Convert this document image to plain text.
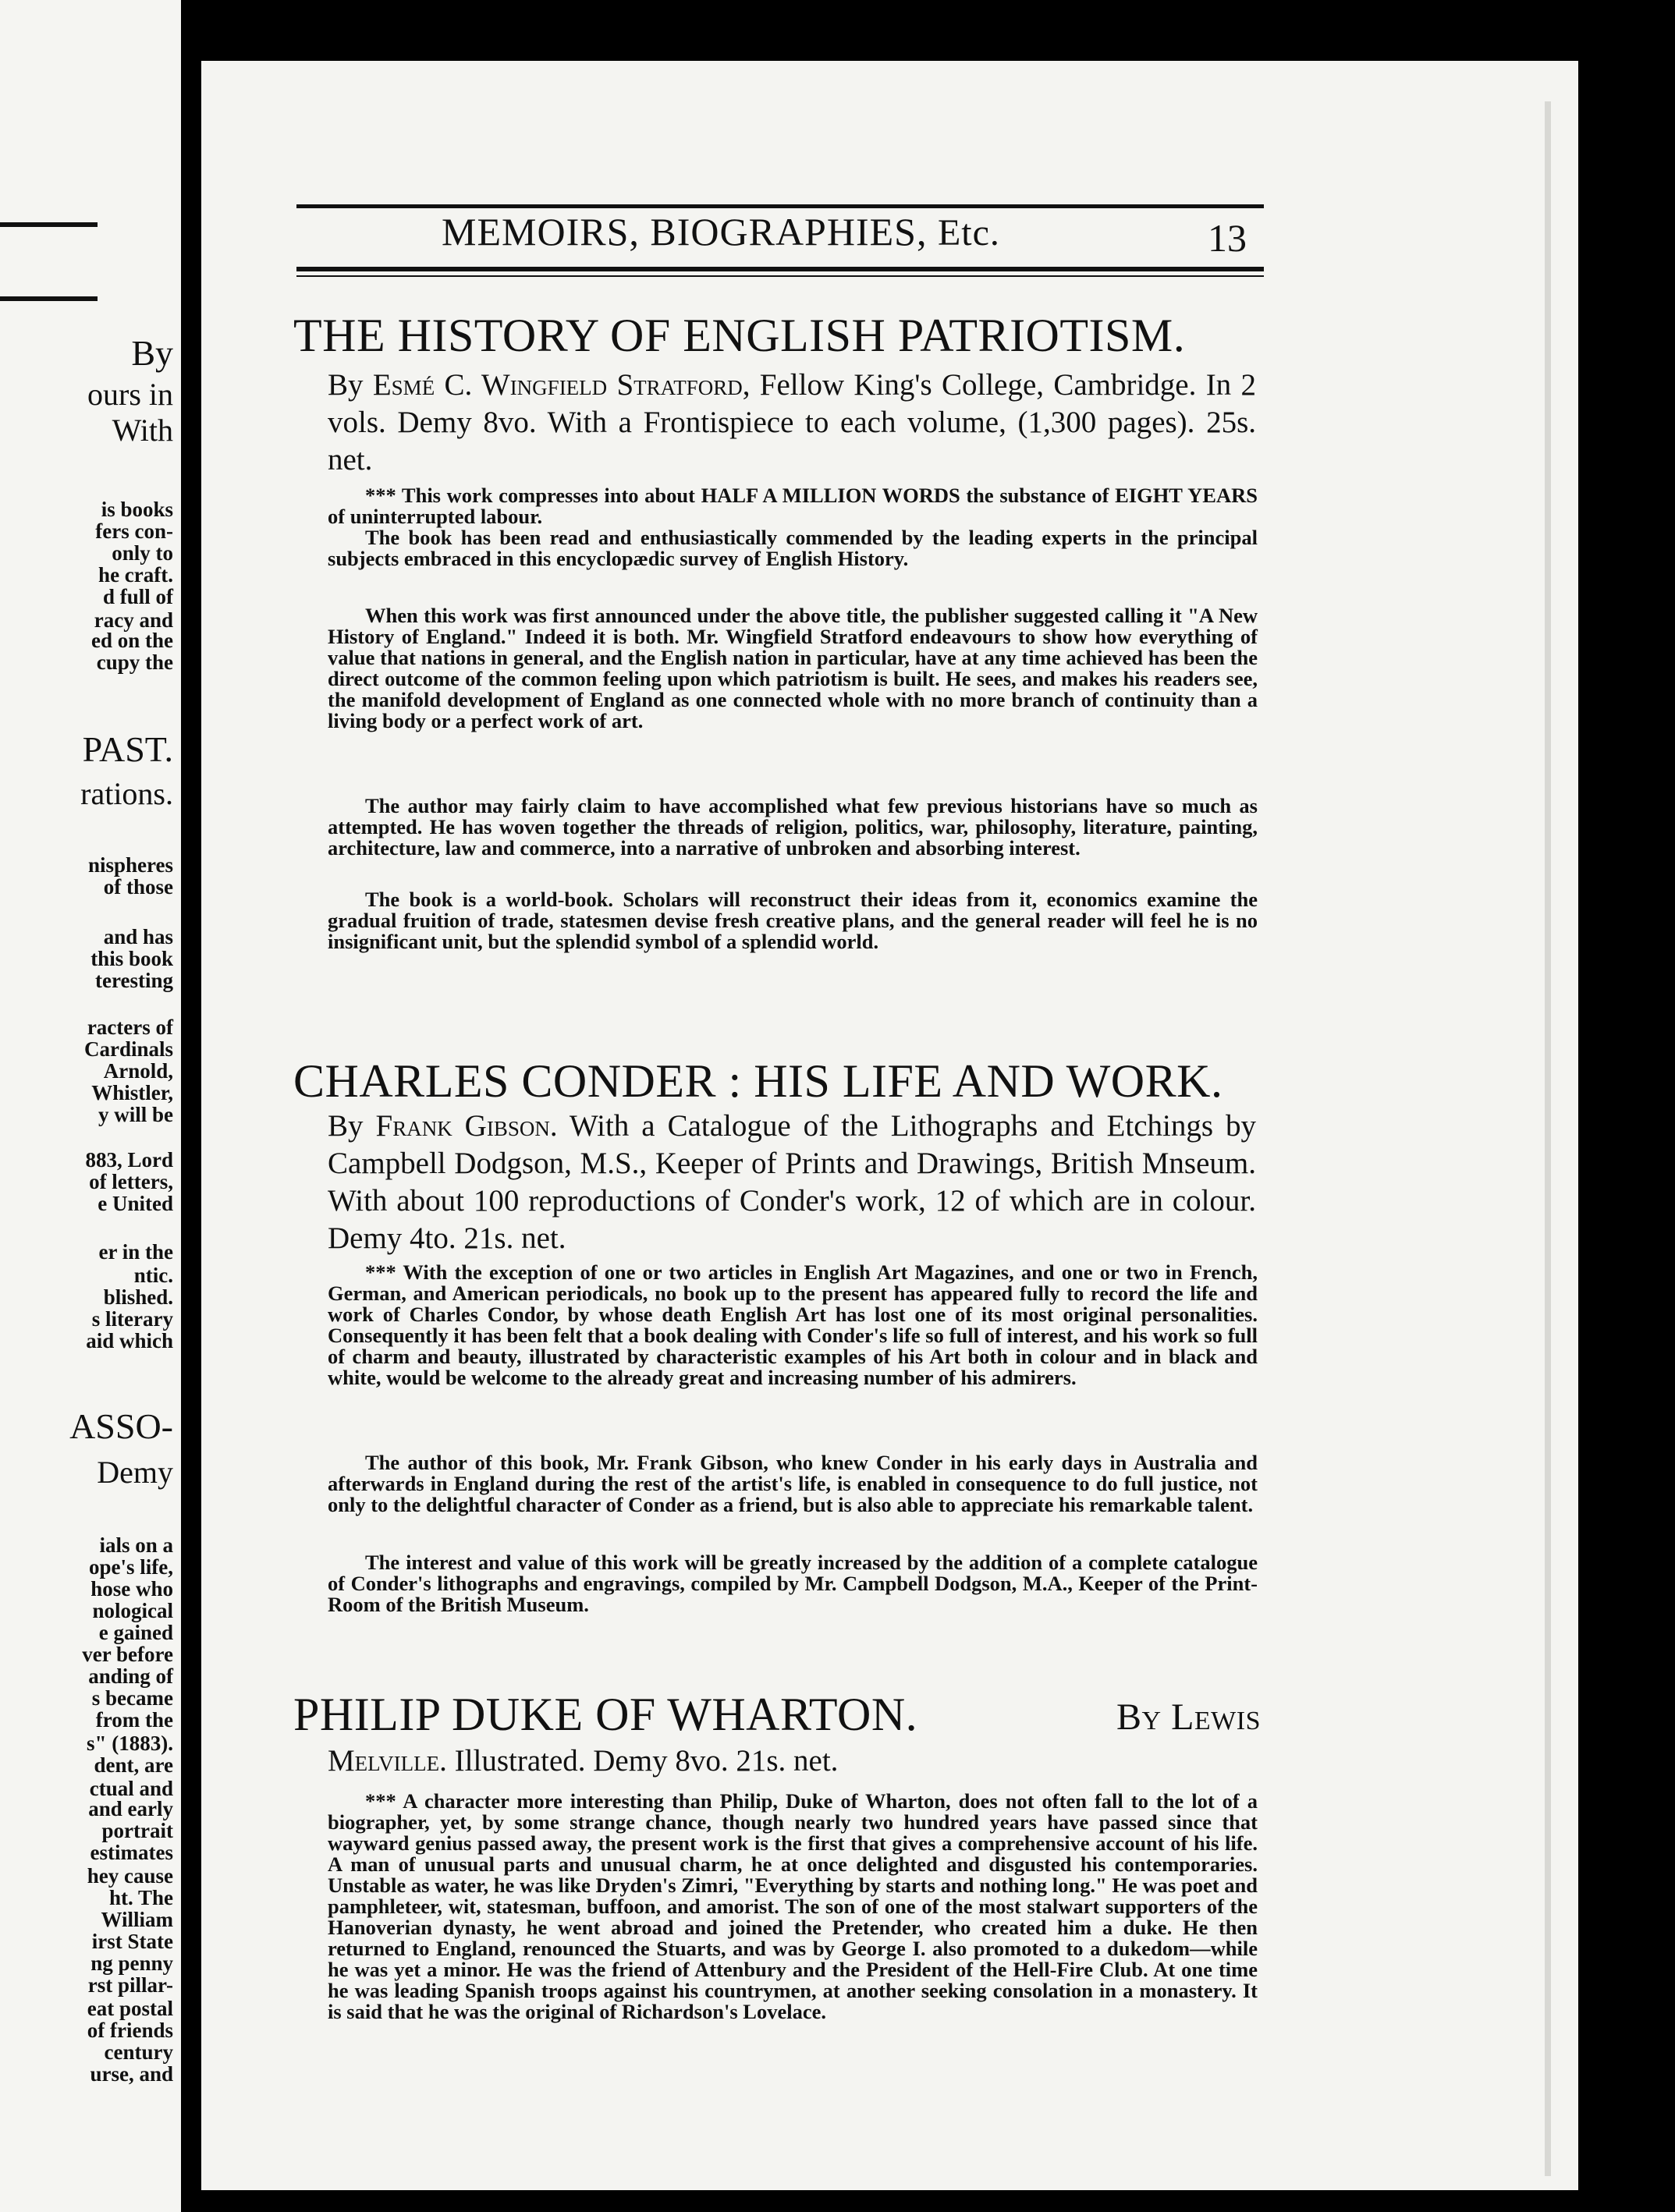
By
ours in
With
is books
fers con-
only to
he craft.
d full of
racy and
ed on the
cupy the
PAST.
rations.
nispheres
of those
and has
this book
teresting
racters of
Cardinals
Arnold,
Whistler,
y will be
883, Lord
of letters,
e United
er in the
ntic.
blished.
s literary
aid which
ASSO-
Demy
ials on a
ope's life,
hose who
nological
e gained
ver before
anding of
s became
from the
s" (1883).
dent, are
ctual and
and early
portrait
estimates
hey cause
ht. The
William
irst State
ng penny
rst pillar-
eat postal
of friends
century
urse, and
MEMOIRS, BIOGRAPHIES, Etc.	13
THE HISTORY OF ENGLISH PATRIOTISM.
By Esmé C. Wingfield Stratford, Fellow King's College, Cambridge. In 2 vols. Demy 8vo. With a Frontispiece to each volume, (1,300 pages). 25s. net.
*** This work compresses into about HALF A MILLION WORDS the substance of EIGHT YEARS of uninterrupted labour.
The book has been read and enthusiastically commended by the leading experts in the principal subjects embraced in this encyclopædic survey of English History.
When this work was first announced under the above title, the publisher suggested calling it "A New History of England." Indeed it is both. Mr. Wingfield Stratford endeavours to show how everything of value that nations in general, and the English nation in particular, have at any time achieved has been the direct outcome of the common feeling upon which patriotism is built. He sees, and makes his readers see, the manifold development of England as one connected whole with no more branch of continuity than a living body or a perfect work of art.
The author may fairly claim to have accomplished what few previous historians have so much as attempted. He has woven together the threads of religion, politics, war, philosophy, literature, painting, architecture, law and commerce, into a narrative of unbroken and absorbing interest.
The book is a world-book. Scholars will reconstruct their ideas from it, economics examine the gradual fruition of trade, statesmen devise fresh creative plans, and the general reader will feel he is no insignificant unit, but the splendid symbol of a splendid world.
CHARLES CONDER : HIS LIFE AND WORK.
By Frank Gibson. With a Catalogue of the Lithographs and Etchings by Campbell Dodgson, M.S., Keeper of Prints and Drawings, British Mnseum. With about 100 reproductions of Conder's work, 12 of which are in colour. Demy 4to. 21s. net.
*** With the exception of one or two articles in English Art Magazines, and one or two in French, German, and American periodicals, no book up to the present has appeared fully to record the life and work of Charles Condor, by whose death English Art has lost one of its most original personalities. Consequently it has been felt that a book dealing with Conder's life so full of interest, and his work so full of charm and beauty, illustrated by characteristic examples of his Art both in colour and in black and white, would be welcome to the already great and increasing number of his admirers.
The author of this book, Mr. Frank Gibson, who knew Conder in his early days in Australia and afterwards in England during the rest of the artist's life, is enabled in consequence to do full justice, not only to the delightful character of Conder as a friend, but is also able to appreciate his remarkable talent.
The interest and value of this work will be greatly increased by the addition of a complete catalogue of Conder's lithographs and engravings, compiled by Mr. Campbell Dodgson, M.A., Keeper of the Print-Room of the British Museum.
PHILIP DUKE OF WHARTON.	By Lewis
Melville. Illustrated. Demy 8vo. 21s. net.
*** A character more interesting than Philip, Duke of Wharton, does not often fall to the lot of a biographer, yet, by some strange chance, though nearly two hundred years have passed since that wayward genius passed away, the present work is the first that gives a comprehensive account of his life. A man of unusual parts and unusual charm, he at once delighted and disgusted his contemporaries. Unstable as water, he was like Dryden's Zimri, "Everything by starts and nothing long." He was poet and pamphleteer, wit, statesman, buffoon, and amorist. The son of one of the most stalwart supporters of the Hanoverian dynasty, he went abroad and joined the Pretender, who created him a duke. He then returned to England, renounced the Stuarts, and was by George I. also promoted to a dukedom—while he was yet a minor. He was the friend of Attenbury and the President of the Hell-Fire Club. At one time he was leading Spanish troops against his countrymen, at another seeking consolation in a monastery. It is said that he was the original of Richardson's Lovelace.
